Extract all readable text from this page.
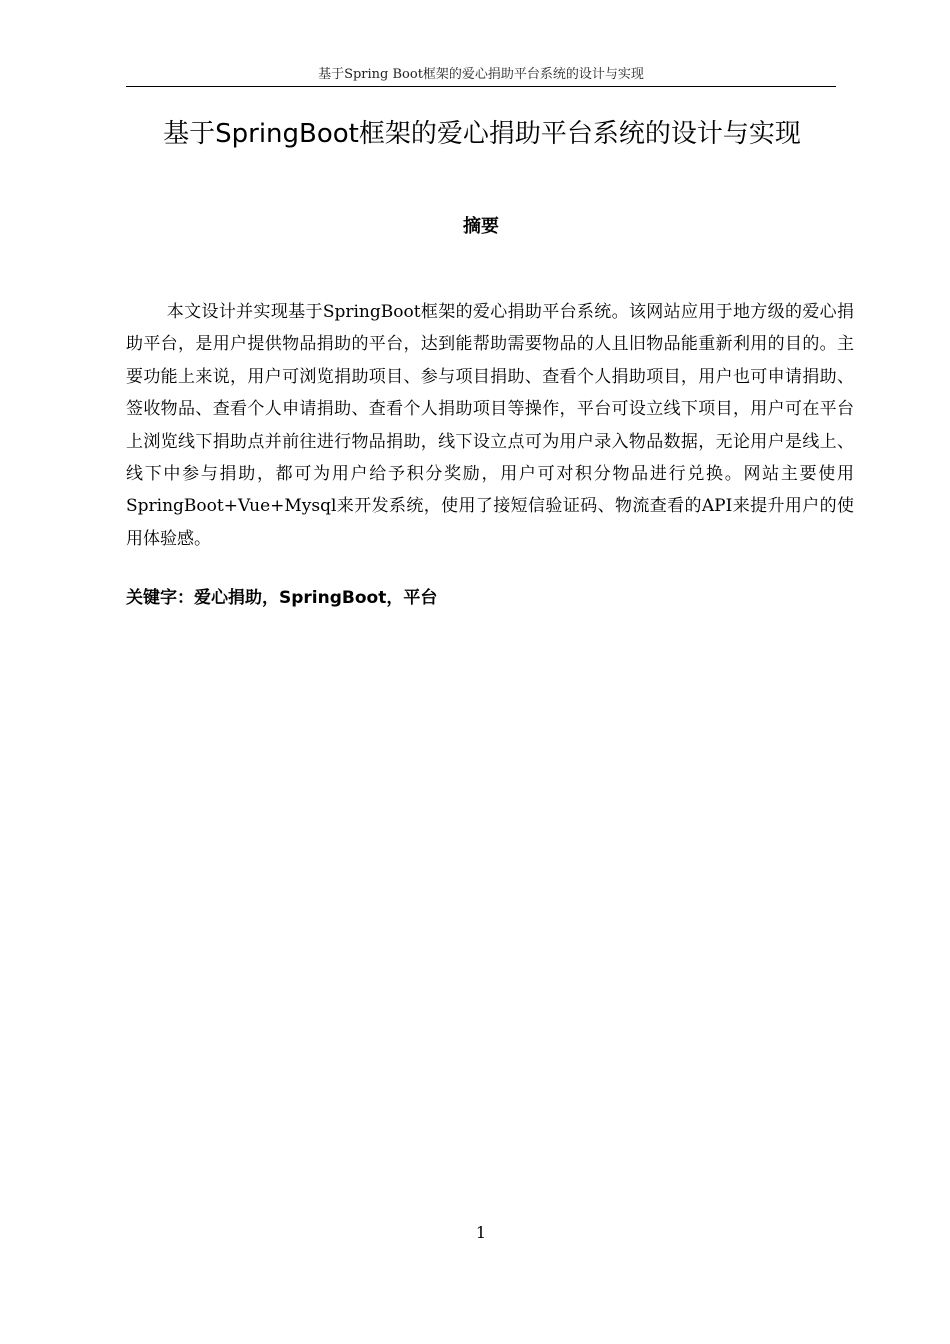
基于Spring Boot框架的爱心捐助平台系统的设计与实现
基于SpringBoot框架的爱心捐助平台系统的设计与实现
摘要

本文设计并实现基于SpringBoot框架的爱心捐助平台系统。该网站应用于地方级的爱心捐助平台，是用户提供物品捐助的平台，达到能帮助需要物品的人且旧物品能重新利用的目的。主要功能上来说，用户可浏览捐助项目、参与项目捐助、查看个人捐助项目，用户也可申请捐助、签收物品、查看个人申请捐助、查看个人捐助项目等操作，平台可设立线下项目，用户可在平台上浏览线下捐助点并前往进行物品捐助，线下设立点可为用户录入物品数据，无论用户是线上、线下中参与捐助，都可为用户给予积分奖励，用户可对积分物品进行兑换。网站主要使用 SpringBoot+Vue+Mysql来开发系统，使用了接短信验证码、物流查看的API来提升用户的使用体验感。

关键字：爱心捐助，SpringBoot，平台

1
